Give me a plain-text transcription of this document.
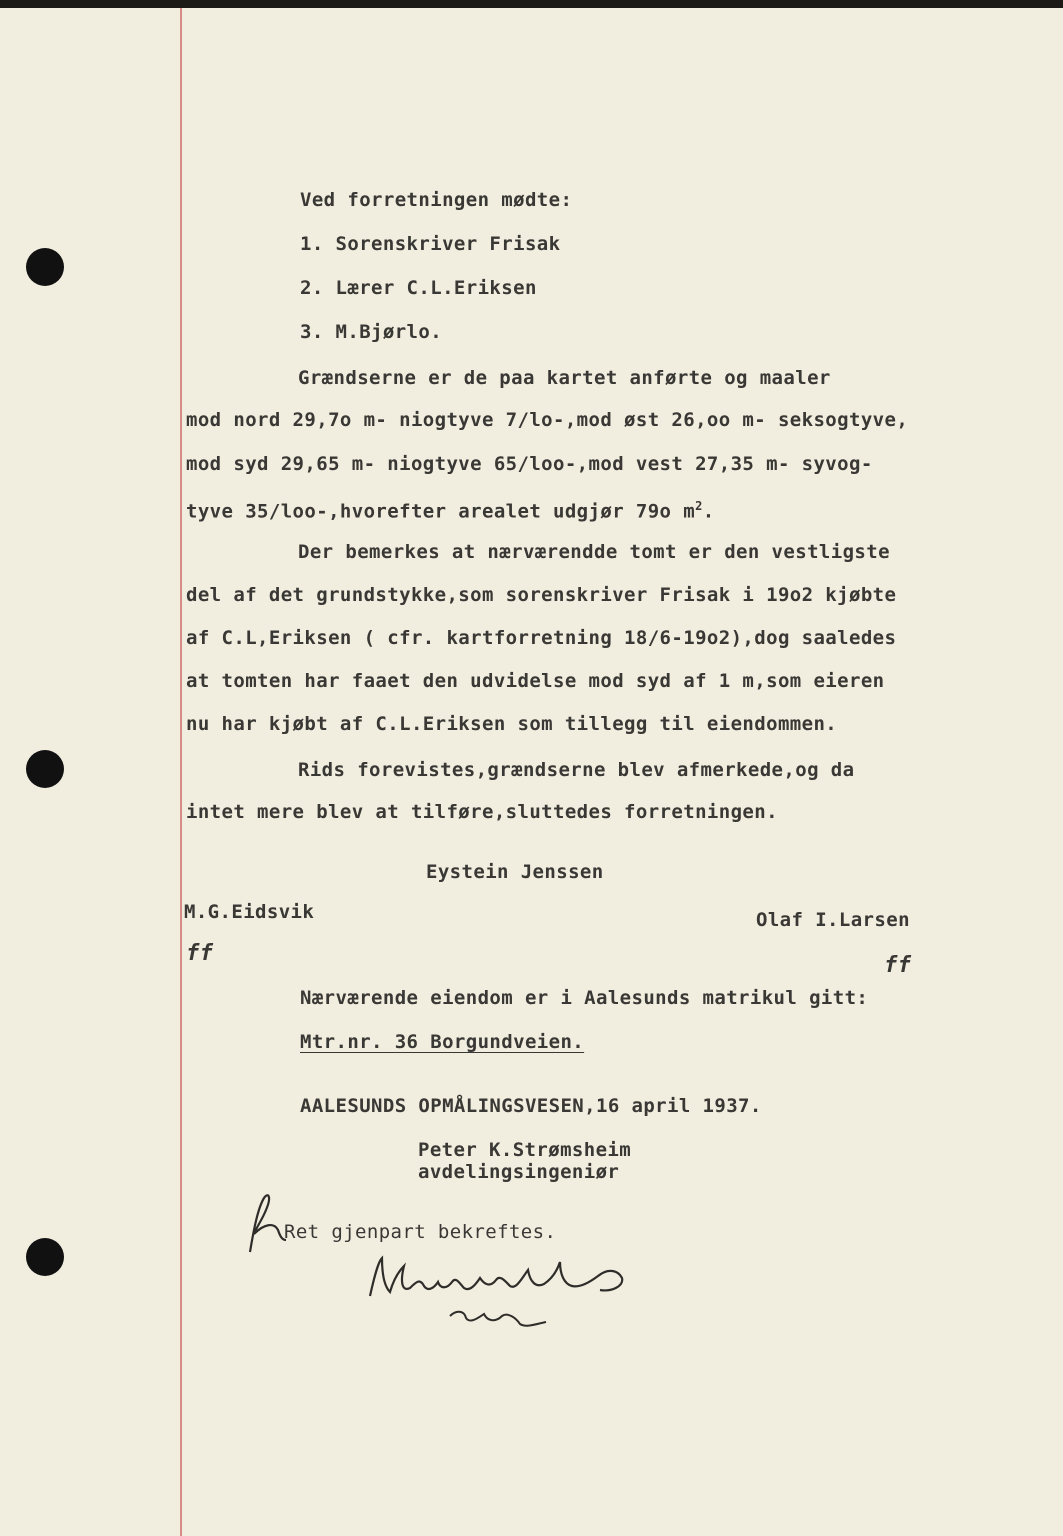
Ved forretningen mødte:
1. Sorenskriver Frisak
2. Lærer C.L.Eriksen
3. M.Bjørlo.
Grændserne er de paa kartet anførte og maaler
mod nord 29,7o m- niogtyve 7/lo-,mod øst 26,oo m- seksogtyve,
mod syd 29,65 m- niogtyve 65/loo-,mod vest 27,35 m- syvog-
tyve 35/loo-,hvorefter arealet udgjør 79o $m^2$.
Der bemerkes at nærværendde tomt er den vestligste
del af det grundstykke,som sorenskriver Frisak i 19o2 kjøbte
af C.L,Eriksen ( cfr. kartforretning 18/6-19o2),dog saaledes
at tomten har faaet den udvidelse mod syd af 1 m,som eieren
nu har kjøbt af C.L.Eriksen som tillegg til eiendommen.
Rids forevistes,grændserne blev afmerkede,og da
intet mere blev at tilføre,sluttedes forretningen.
Eystein Jenssen
M.G.Eidsvik	Olaf I.Larsen
ff	ff
Nærværende eiendom er i Aalesunds matrikul gitt:
Mtr.nr. 36 Borgundveien.
AALESUNDS OPMÅLINGSVESEN,16 april 1937.
Peter K.Strømsheim
avdelingsingeniør
Ret gjenpart bekreftes.
